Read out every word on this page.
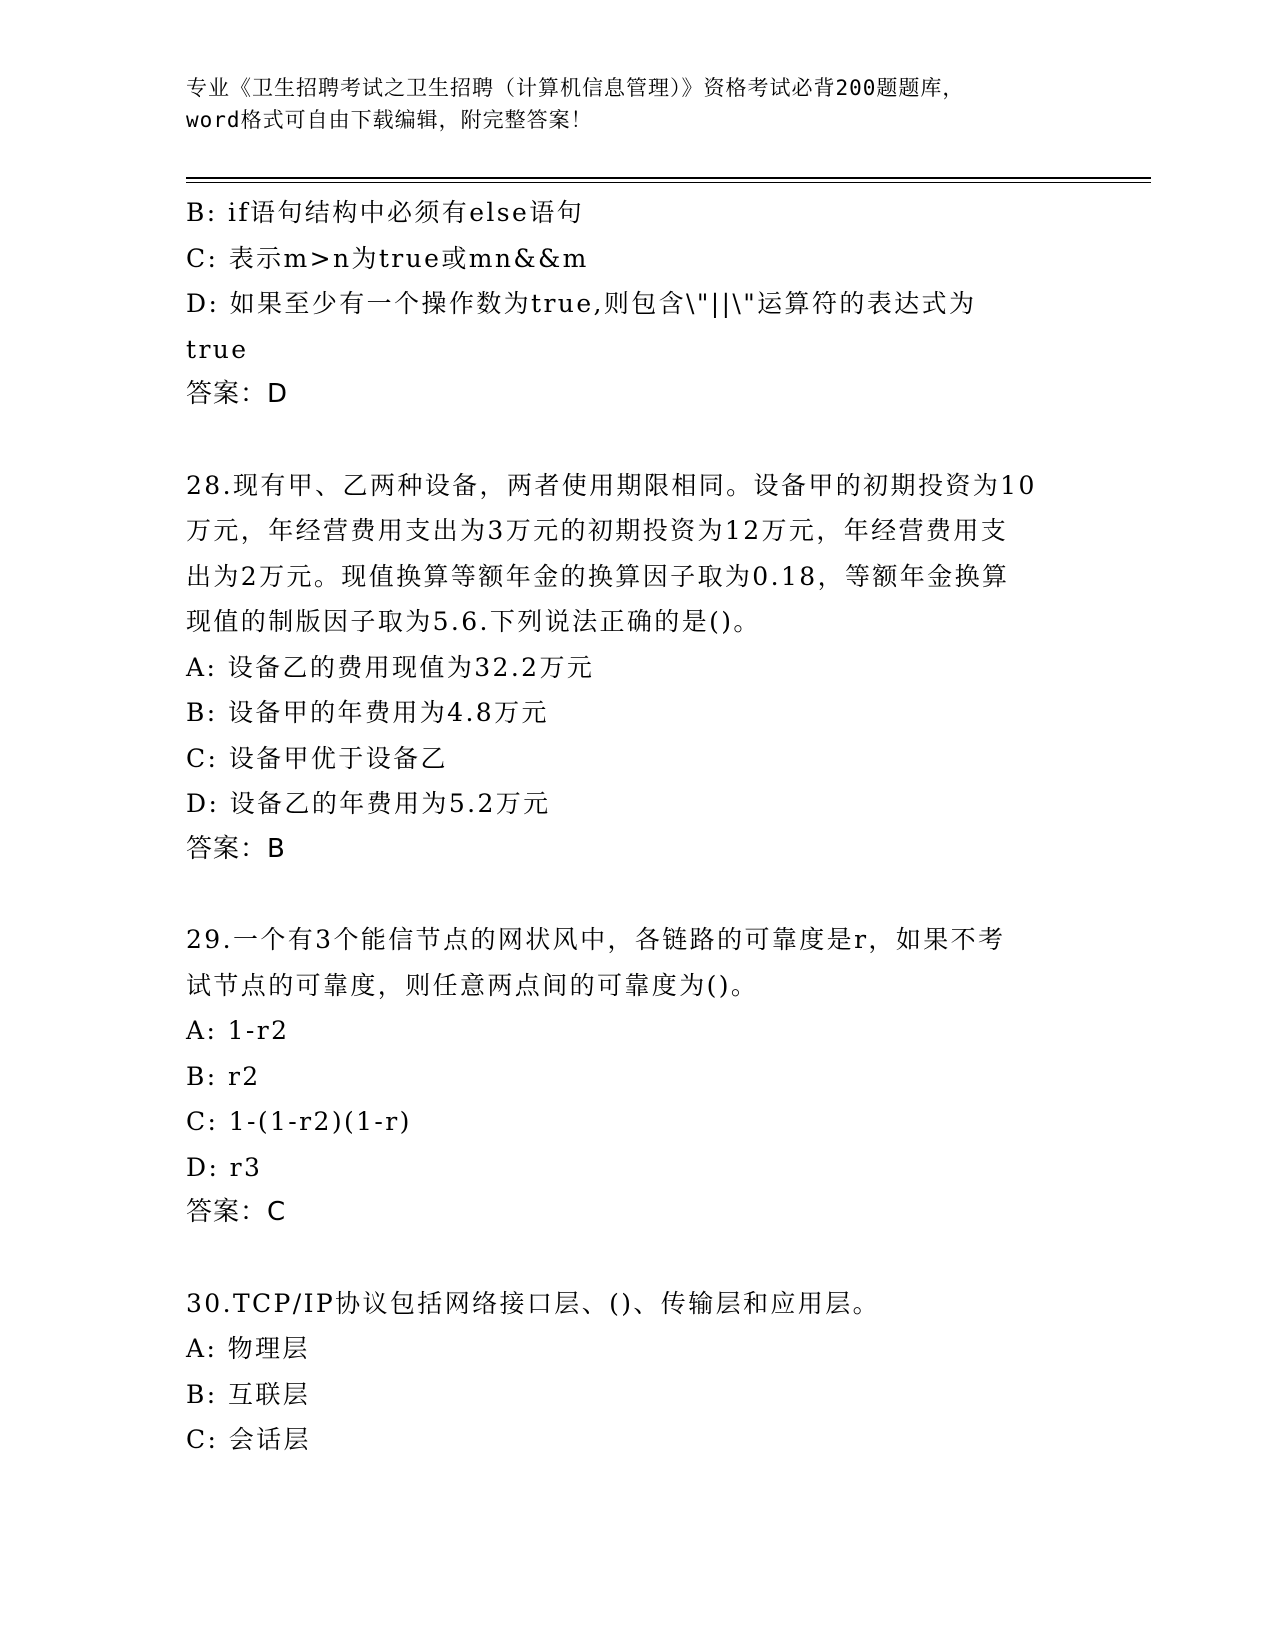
专业《卫生招聘考试之卫生招聘（计算机信息管理）》资格考试必背200题题库，
word格式可自由下载编辑，附完整答案！
B: if语句结构中必须有else语句
C: 表示m>n为true或mn&&m
D: 如果至少有一个操作数为true,则包含\"||\"运算符的表达式为
true
答案：D
28.现有甲、乙两种设备，两者使用期限相同。设备甲的初期投资为10
万元，年经营费用支出为3万元的初期投资为12万元，年经营费用支
出为2万元。现值换算等额年金的换算因子取为0.18，等额年金换算
现值的制版因子取为5.6.下列说法正确的是()。
A: 设备乙的费用现值为32.2万元
B: 设备甲的年费用为4.8万元
C: 设备甲优于设备乙
D: 设备乙的年费用为5.2万元
答案：B
29.一个有3个能信节点的网状风中，各链路的可靠度是r，如果不考
试节点的可靠度，则任意两点间的可靠度为()。
A: 1-r2
B: r2
C: 1-(1-r2)(1-r)
D: r3
答案：C
30.TCP/IP协议包括网络接口层、()、传输层和应用层。
A: 物理层
B: 互联层
C: 会话层
